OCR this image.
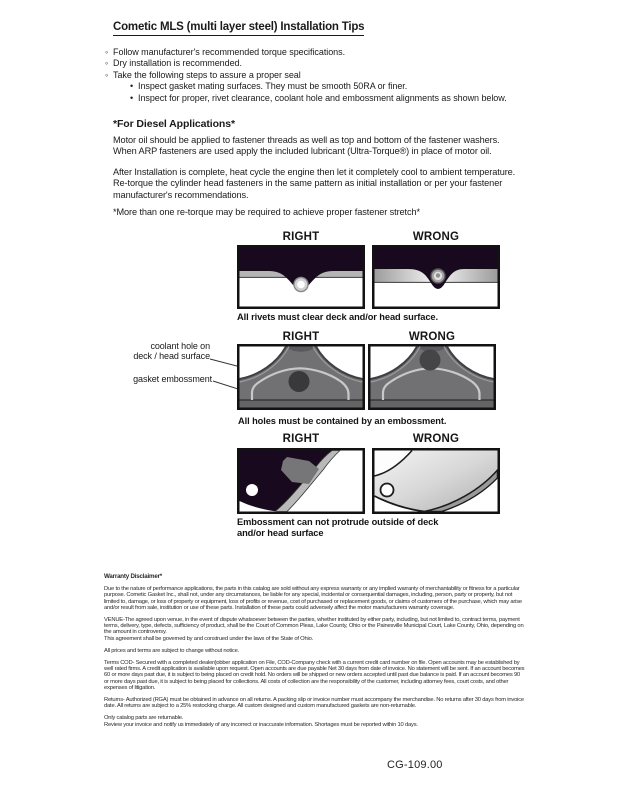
Cometic MLS (multi layer steel) Installation Tips
◦ Follow manufacturer's recommended torque specifications.
◦ Dry installation is recommended.
◦ Take the following steps to assure a proper seal
• Inspect gasket mating surfaces. They must be smooth 50RA or finer.
• Inspect for proper, rivet clearance, coolant hole and embossment alignments as shown below.
*For Diesel Applications*
Motor oil should be applied to fastener threads as well as top and bottom of the fastener washers. When ARP fasteners are used apply the included lubricant (Ultra-Torque®) in place of motor oil.
After Installation is complete, heat cycle the engine then let it completely cool to ambient temperature. Re-torque the cylinder head fasteners in the same pattern as initial installation or per your fastener manufacturer's recommendations.
*More than one re-torque may be required to achieve proper fastener stretch*
RIGHT	WRONG
All rivets must clear deck and/or head surface.
RIGHT	WRONG
coolant hole on
deck / head surface
gasket embossment
All holes must be contained by an embossment.
RIGHT	WRONG
Embossment can not protrude outside of deck
and/or head surface
Warranty Disclaimer*

Due to the nature of performance applications, the parts in this catalog are sold without any express warranty or any implied warranty of merchantability or fitness for a particular purpose. Cometic Gasket Inc., shall not, under any circumstances, be liable for any special, incidental or consequential damages, including, person, party or property, but not limited to, damage, or loss of property or equipment, loss of profits or revenue, cost of purchased or replacement goods, or claims of customers of the purchase, which may arise and/or result from sale, institution or use of these parts. Installation of these parts could adversely affect the motor manufacturers warranty coverage.

VENUE-The agreed upon venue, in the event of dispute whatsoever between the parties, whether instituted by either party, including, but not limited to, contract terms, payment terms, delivery, type, defects, sufficiency of product, shall be the Court of Common Pleas, Lake County, Ohio or the Painesville Municipal Court, Lake County, Ohio, depending on the amount in controversy.
This agreement shall be governed by and construed under the laws of the State of Ohio.

All prices and terms are subject to change without notice.

Terms COD- Secured with a completed dealer/jobber application on File, COD-Company check with a current credit card number on file. Open accounts may be established by well rated firms. A credit application is available upon request. Open accounts are due payable Net 30 days from date of invoice. No statement will be sent. If an account becomes 60 or more days past due, it is subject to being placed on credit hold. No orders will be shipped or new orders accepted until past due balance is paid. If an account becomes 90 or more days past due, it is subject to being placed for collections. All costs of collection are the responsibility of the customer, including attorney fees, court costs, and other expenses of litigation.

Returns- Authorized (RGA) must be obtained in advance on all returns. A packing slip or invoice number must accompany the merchandise. No returns after 30 days from invoice date. All returns are subject to a 25% restocking charge. All custom designed and custom manufactured gaskets are non-returnable.

Only catalog parts are returnable.
Review your invoice and notify us immediately of any incorrect or inaccurate information. Shortages must be reported within 10 days.
CG-109.00
